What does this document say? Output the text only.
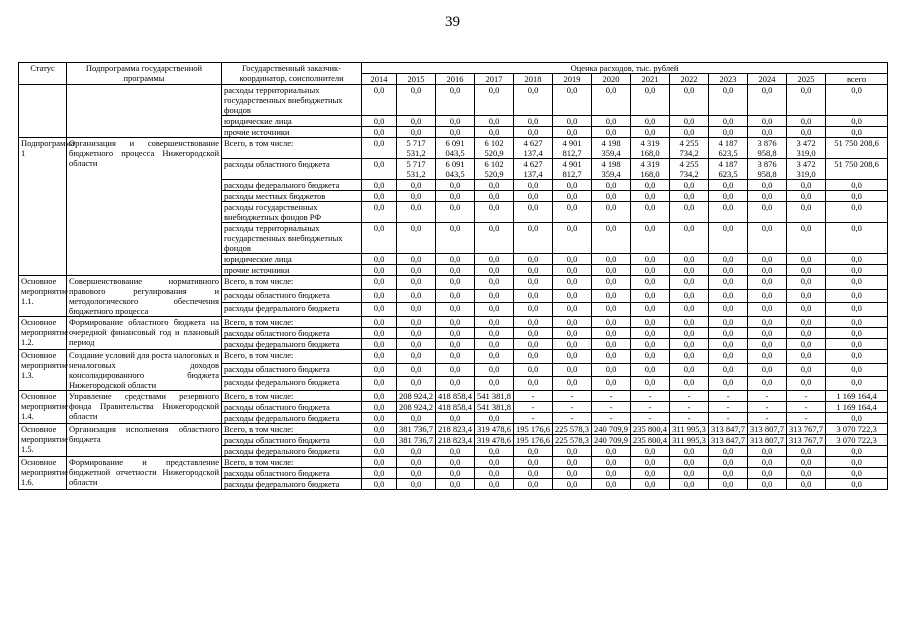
39
Статус	Подпрограмма государственной программы	Государственный заказчик-координатор, соисполнители	Оценка расходов, тыс. рублей												
			2014	2015	2016	2017	2018	2019	2020	2021	2022	2023	2024	2025	всего
		расходы территориальных государственных внебюджетных фондов	0,0	0,0	0,0	0,0	0,0	0,0	0,0	0,0	0,0	0,0	0,0	0,0	0,0
		юридические лица	0,0	0,0	0,0	0,0	0,0	0,0	0,0	0,0	0,0	0,0	0,0	0,0	0,0
		прочие источники	0,0	0,0	0,0	0,0	0,0	0,0	0,0	0,0	0,0	0,0	0,0	0,0	0,0
Подпрограмма 1	Организация и совершенствование бюджетного процесса Нижегородской области	Всего, в том числе:	0,0	5 717 531,2	6 091 043,5	6 102 520,9	4 627 137,4	4 901 812,7	4 198 359,4	4 319 168,0	4 255 734,2	4 187 623,5	3 876 958,8	3 472 319,0	51 750 208,6
		расходы областного бюджета	0,0	5 717 531,2	6 091 043,5	6 102 520,9	4 627 137,4	4 901 812,7	4 198 359,4	4 319 168,0	4 255 734,2	4 187 623,5	3 876 958,8	3 472 319,0	51 750 208,6
		расходы федерального бюджета	0,0	0,0	0,0	0,0	0,0	0,0	0,0	0,0	0,0	0,0	0,0	0,0	0,0
		расходы местных бюджетов	0,0	0,0	0,0	0,0	0,0	0,0	0,0	0,0	0,0	0,0	0,0	0,0	0,0
		расходы государственных внебюджетных фондов РФ	0,0	0,0	0,0	0,0	0,0	0,0	0,0	0,0	0,0	0,0	0,0	0,0	0,0
		расходы территориальных государственных внебюджетных фондов	0,0	0,0	0,0	0,0	0,0	0,0	0,0	0,0	0,0	0,0	0,0	0,0	0,0
		юридические лица	0,0	0,0	0,0	0,0	0,0	0,0	0,0	0,0	0,0	0,0	0,0	0,0	0,0
		прочие источники	0,0	0,0	0,0	0,0	0,0	0,0	0,0	0,0	0,0	0,0	0,0	0,0	0,0
Основное мероприятие 1.1.	Совершенствование нормативного правового регулирования и методологического обеспечения бюджетного процесса	Всего, в том числе:	0,0	0,0	0,0	0,0	0,0	0,0	0,0	0,0	0,0	0,0	0,0	0,0	0,0
		расходы областного бюджета	0,0	0,0	0,0	0,0	0,0	0,0	0,0	0,0	0,0	0,0	0,0	0,0	0,0
		расходы федерального бюджета	0,0	0,0	0,0	0,0	0,0	0,0	0,0	0,0	0,0	0,0	0,0	0,0	0,0
Основное мероприятие 1.2.	Формирование областного бюджета на очередной финансовый год и плановый период	Всего, в том числе:	0,0	0,0	0,0	0,0	0,0	0,0	0,0	0,0	0,0	0,0	0,0	0,0	0,0
		расходы областного бюджета	0,0	0,0	0,0	0,0	0,0	0,0	0,0	0,0	0,0	0,0	0,0	0,0	0,0
		расходы федерального бюджета	0,0	0,0	0,0	0,0	0,0	0,0	0,0	0,0	0,0	0,0	0,0	0,0	0,0
Основное мероприятие 1.3.	Создание условий для роста налоговых и неналоговых доходов консолидированного бюджета Нижегородской области	Всего, в том числе:	0,0	0,0	0,0	0,0	0,0	0,0	0,0	0,0	0,0	0,0	0,0	0,0	0,0
		расходы областного бюджета	0,0	0,0	0,0	0,0	0,0	0,0	0,0	0,0	0,0	0,0	0,0	0,0	0,0
		расходы федерального бюджета	0,0	0,0	0,0	0,0	0,0	0,0	0,0	0,0	0,0	0,0	0,0	0,0	0,0
Основное мероприятие 1.4.	Управление средствами резервного фонда Правительства Нижегородской области	Всего, в том числе:	0,0	208 924,2	418 858,4	541 381,8	-	-	-	-	-	-	-	-	1 169 164,4
		расходы областного бюджета	0,0	208 924,2	418 858,4	541 381,8	-	-	-	-	-	-	-	-	1 169 164,4
		расходы федерального бюджета	0,0	0,0	0,0	0,0	-	-	-	-	-	-	-	-	0,0
Основное мероприятие 1.5.	Организация исполнения областного бюджета	Всего, в том числе:	0,0	381 736,7	218 823,4	319 478,6	195 176,6	225 578,3	240 709,9	235 800,4	311 995,3	313 847,7	313 807,7	313 767,7	3 070 722,3
		расходы областного бюджета	0,0	381 736,7	218 823,4	319 478,6	195 176,6	225 578,3	240 709,9	235 800,4	311 995,3	313 847,7	313 807,7	313 767,7	3 070 722,3
		расходы федерального бюджета	0,0	0,0	0,0	0,0	0,0	0,0	0,0	0,0	0,0	0,0	0,0	0,0	0,0
Основное мероприятие 1.6.	Формирование и представление бюджетной отчетности Нижегородской области	Всего, в том числе:	0,0	0,0	0,0	0,0	0,0	0,0	0,0	0,0	0,0	0,0	0,0	0,0	0,0
		расходы областного бюджета	0,0	0,0	0,0	0,0	0,0	0,0	0,0	0,0	0,0	0,0	0,0	0,0	0,0
		расходы федерального бюджета	0,0	0,0	0,0	0,0	0,0	0,0	0,0	0,0	0,0	0,0	0,0	0,0	0,0
